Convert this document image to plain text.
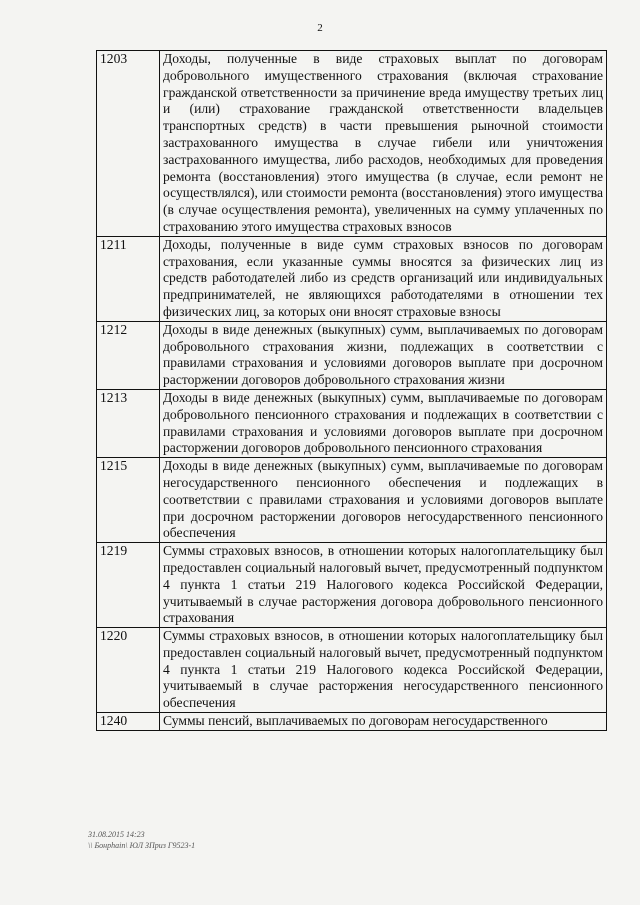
2
1203	Доходы, полученные в виде страховых выплат по договорам добровольного имущественного страхования (включая страхование гражданской ответственности за причинение вреда имуществу третьих лиц и (или) страхование гражданской ответственности владельцев транспортных средств) в части превышения рыночной стоимости застрахованного имущества в случае гибели или уничтожения застрахованного имущества, либо расходов, необходимых для проведения ремонта (восстановления) этого имущества (в случае, если ремонт не осуществлялся), или стоимости ремонта (восстановления) этого имущества (в случае осуществления ремонта), увеличенных на сумму уплаченных по страхованию этого имущества страховых взносов
1211	Доходы, полученные в виде сумм страховых взносов по договорам страхования, если указанные суммы вносятся за физических лиц из средств работодателей либо из средств организаций или индивидуальных предпринимателей, не являющихся работодателями в отношении тех физических лиц, за которых они вносят страховые взносы
1212	Доходы в виде денежных (выкупных) сумм, выплачиваемых по договорам добровольного страхования жизни, подлежащих в соответствии с правилами страхования и условиями договоров выплате при досрочном расторжении договоров добровольного страхования жизни
1213	Доходы в виде денежных (выкупных) сумм, выплачиваемые по договорам добровольного пенсионного страхования и подлежащих в соответствии с правилами страхования и условиями договоров выплате при досрочном расторжении договоров добровольного пенсионного страхования
1215	Доходы в виде денежных (выкупных) сумм, выплачиваемые по договорам негосударственного пенсионного обеспечения и подлежащих в соответствии с правилами страхования и условиями договоров выплате при досрочном расторжении договоров негосударственного пенсионного обеспечения
1219	Суммы страховых взносов, в отношении которых налогоплательщику был предоставлен социальный налоговый вычет, предусмотренный подпунктом 4 пункта 1 статьи 219 Налогового кодекса Российской Федерации, учитываемый в случае расторжения договора добровольного пенсионного страхования
1220	Суммы страховых взносов, в отношении которых налогоплательщику был предоставлен социальный налоговый вычет, предусмотренный подпунктом 4 пункта 1 статьи 219 Налогового кодекса Российской Федерации, учитываемый в случае расторжения негосударственного пенсионного обеспечения
1240	Суммы пенсий, выплачиваемых по договорам негосударственного
31.08.2015 14:23
\\ Бонрhain\ ЮЛ ЗПриз Г9523-1
